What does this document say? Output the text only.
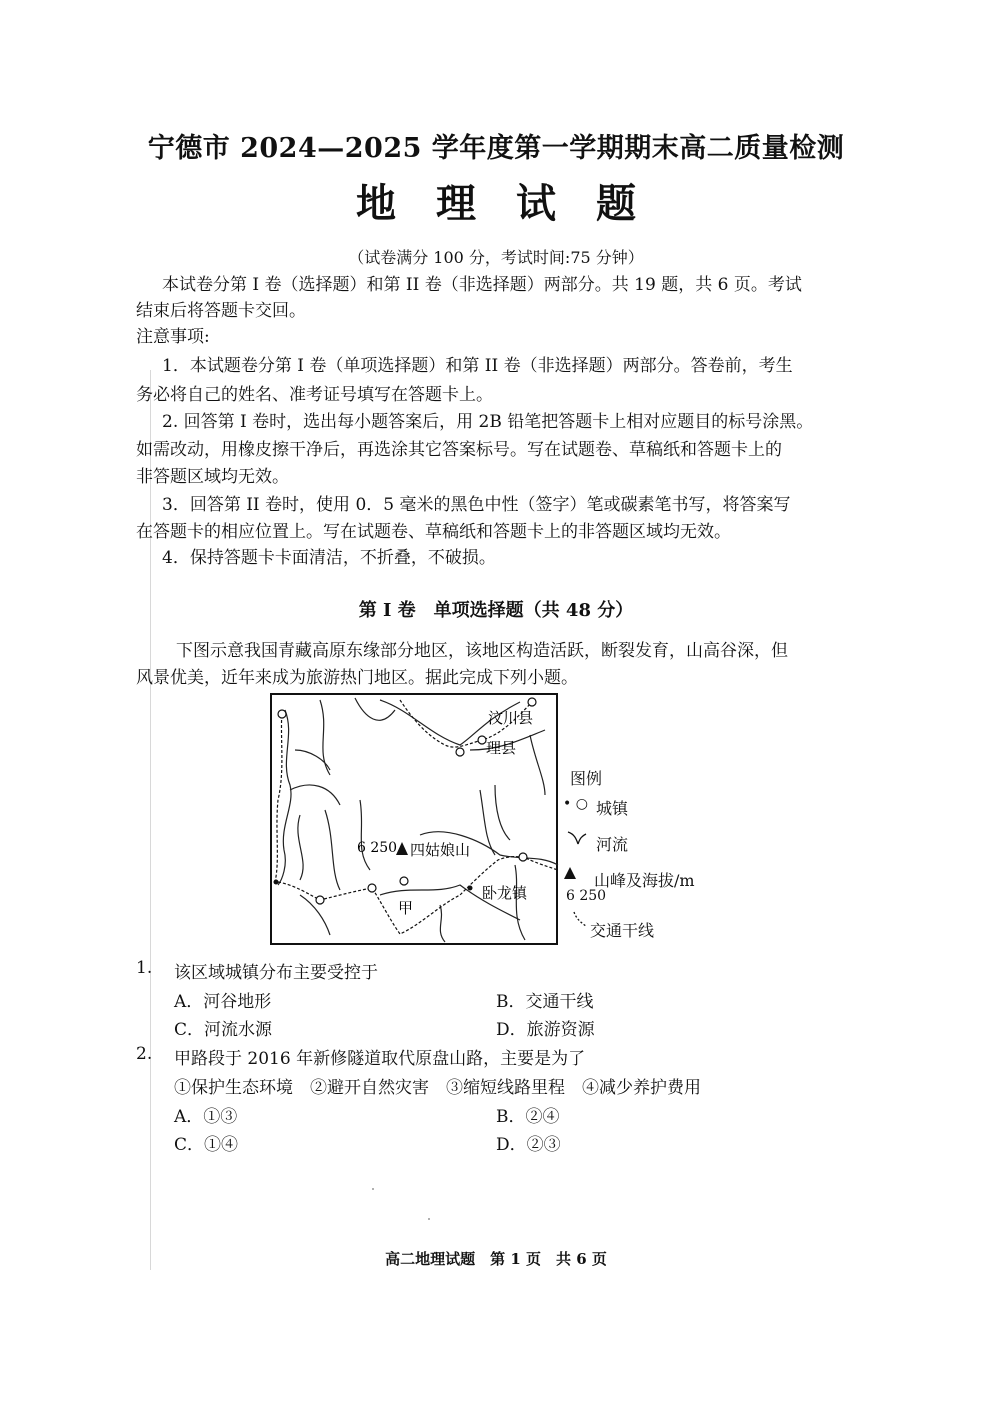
宁德市 2024—2025 学年度第一学期期末高二质量检测
地理试题
（试卷满分 100 分，考试时间:75 分钟）
本试卷分第 I 卷（选择题）和第 II 卷（非选择题）两部分。共 19 题，共 6 页。考试
结束后将答题卡交回。
注意事项:
1．本试题卷分第 I 卷（单项选择题）和第 II 卷（非选择题）两部分。答卷前，考生
务必将自己的姓名、准考证号填写在答题卡上。
2. 回答第 I 卷时，选出每小题答案后，用 2B 铅笔把答题卡上相对应题目的标号涂黑。
如需改动，用橡皮擦干净后，再选涂其它答案标号。写在试题卷、草稿纸和答题卡上的
非答题区域均无效。
3．回答第 II 卷时，使用 0．5 毫米的黑色中性（签字）笔或碳素笔书写，将答案写
在答题卡的相应位置上。写在试题卷、草稿纸和答题卡上的非答题区域均无效。
4．保持答题卡卡面清洁，不折叠，不破损。
第 I 卷　单项选择题（共 48 分）
下图示意我国青藏高原东缘部分地区，该地区构造活跃，断裂发育，山高谷深，但
风景优美，近年来成为旅游热门地区。据此完成下列小题。
6 250 四姑娘山
汶川县
理县
卧龙镇
甲
图例
• ○ 城镇
河流
山峰及海拔/m
6 250
交通干线
1. 该区域城镇分布主要受控于
A．河谷地形	B．交通干线
C．河流水源	D．旅游资源
2. 甲路段于 2016 年新修隧道取代原盘山路，主要是为了
①保护生态环境　②避开自然灾害　③缩短线路里程　④减少养护费用
A．①③	B．②④
C．①④	D．②③
高二地理试题　第 1 页　共 6 页
